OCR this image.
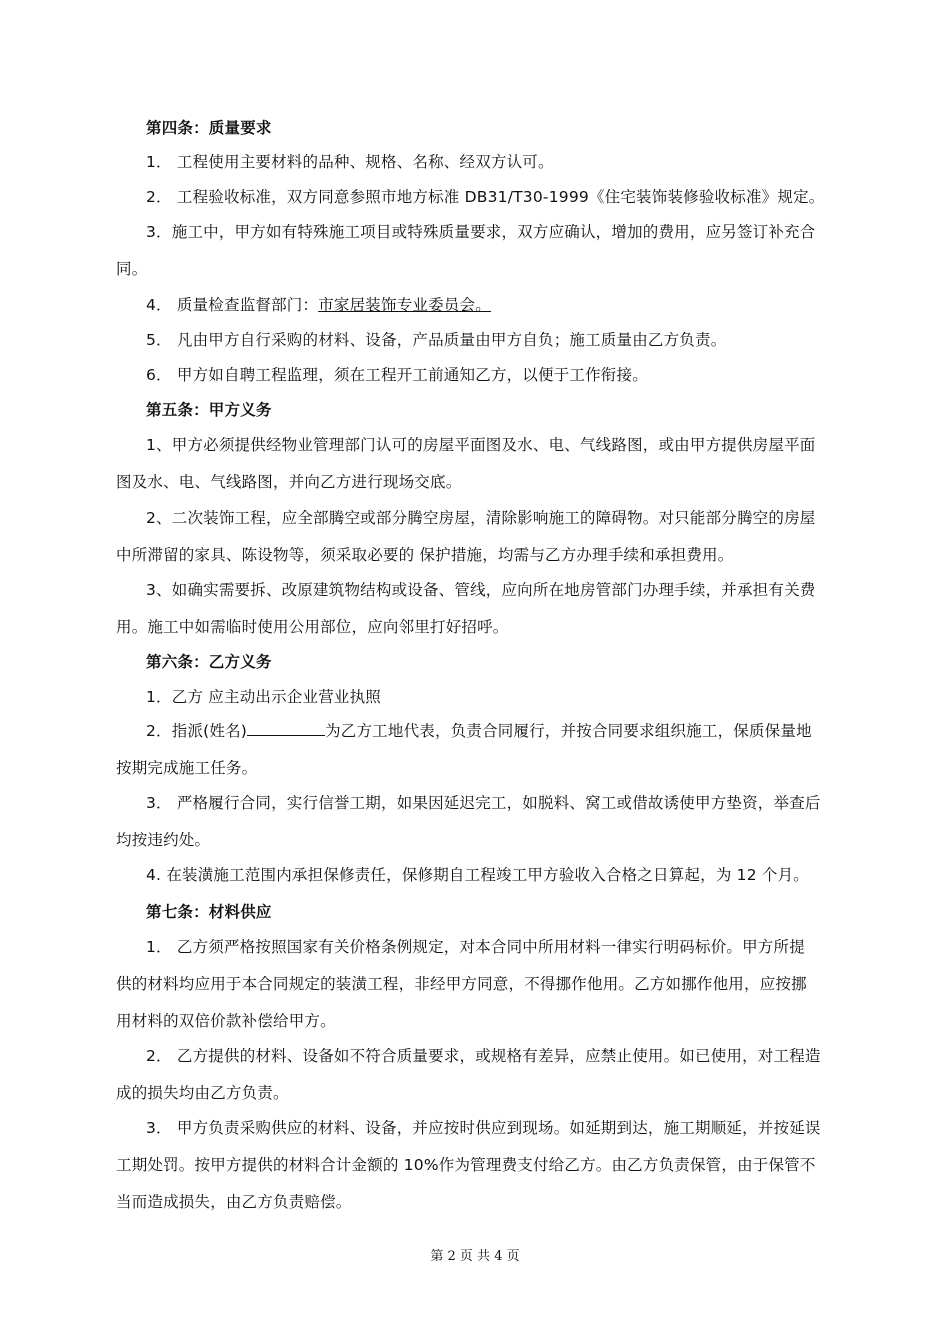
第四条：质量要求
1． 工程使用主要材料的品种、规格、名称、经双方认可。
2． 工程验收标准，双方同意参照市地方标准 DB31/T30-1999《住宅装饰装修验收标准》规定。
3．施工中，甲方如有特殊施工项目或特殊质量要求，双方应确认，增加的费用，应另签订补充合
同。
4． 质量检查监督部门：市家居装饰专业委员会。
5． 凡由甲方自行采购的材料、设备，产品质量由甲方自负；施工质量由乙方负责。
6． 甲方如自聘工程监理，须在工程开工前通知乙方，以便于工作衔接。
第五条：甲方义务
1、甲方必须提供经物业管理部门认可的房屋平面图及水、电、气线路图，或由甲方提供房屋平面
图及水、电、气线路图，并向乙方进行现场交底。
2、二次装饰工程，应全部腾空或部分腾空房屋，清除影响施工的障碍物。对只能部分腾空的房屋
中所滞留的家具、陈设物等，须采取必要的 保护措施，均需与乙方办理手续和承担费用。
3、如确实需要拆、改原建筑物结构或设备、管线，应向所在地房管部门办理手续，并承担有关费
用。施工中如需临时使用公用部位，应向邻里打好招呼。
第六条：乙方义务
1．乙方 应主动出示企业营业执照
2．指派(姓名)	为乙方工地代表，负责合同履行，并按合同要求组织施工，保质保量地
按期完成施工任务。
3． 严格履行合同，实行信誉工期，如果因延迟完工，如脱料、窝工或借故诱使甲方垫资，举查后
均按违约处。
4. 在装潢施工范围内承担保修责任，保修期自工程竣工甲方验收入合格之日算起，为 12 个月。
第七条：材料供应
1． 乙方须严格按照国家有关价格条例规定，对本合同中所用材料一律实行明码标价。甲方所提
供的材料均应用于本合同规定的装潢工程，非经甲方同意，不得挪作他用。乙方如挪作他用，应按挪
用材料的双倍价款补偿给甲方。
2． 乙方提供的材料、设备如不符合质量要求，或规格有差异，应禁止使用。如已使用，对工程造
成的损失均由乙方负责。
3． 甲方负责采购供应的材料、设备，并应按时供应到现场。如延期到达，施工期顺延，并按延误
工期处罚。按甲方提供的材料合计金额的 10%作为管理费支付给乙方。由乙方负责保管，由于保管不
当而造成损失，由乙方负责赔偿。
第 2 页 共 4 页
